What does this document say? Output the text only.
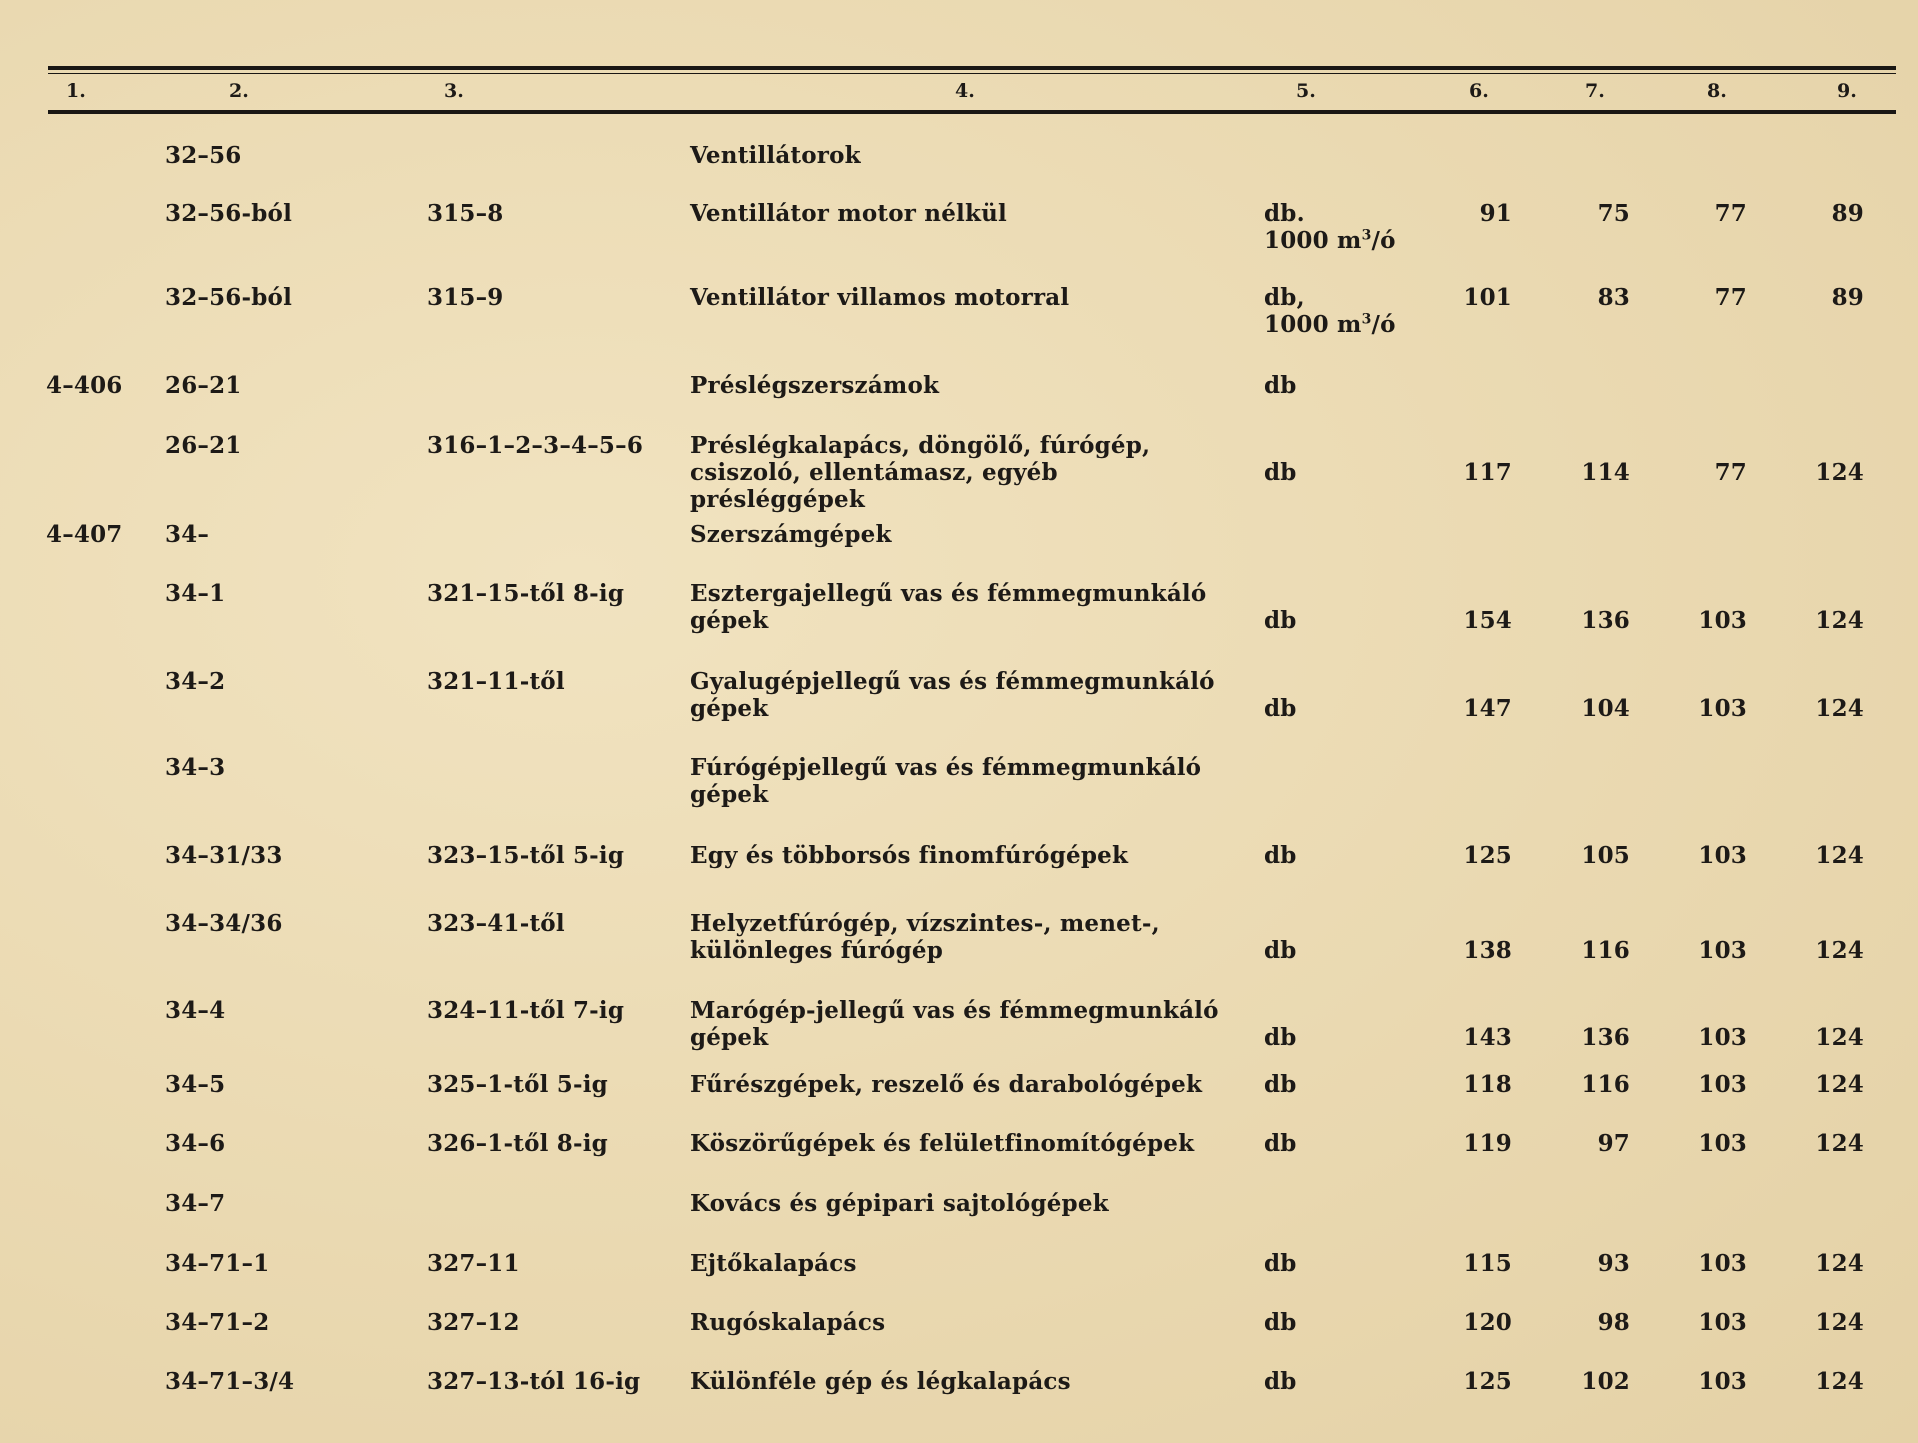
1.	2.	3.	4.	5.	6.	7.	8.	9.
32–56	Ventillátorok
32–56-ból	315–8	Ventillátor motor nélkül	db.
1000 $m^3/ó$
91	75	77	89
32–56-ból	315–9	Ventillátor villamos motorral	db,
1000 $m^3/ó$
101	83	77	89
4–406 26–21	Préslégszerszámok	db
26–21	316–1–2–3–4–5–6 Préslégkalapács, döngölő, fúrógép,
csiszoló, ellentámasz, egyéb présléggépek
db	117	114	77	124
4–407 34–	Szerszámgépek
34–1	321–15-től 8-ig	Esztergajellegű vas és fémmegmunkáló
gépek	db	154	136	103	124
34–2	321–11-től	Gyalugépjellegű vas és fémmegmunkáló
gépek	db	147	104	103	124
34–3	Fúrógépjellegű vas és fémmegmunkáló
gépek
34–31/33	323–15-től 5-ig	Egy és többorsós finomfúrógépek	db	125	105	103	124
34–34/36	323–41-től	Helyzetfúrógép, vízszintes-, menet-,
különleges fúrógép	db	138	116	103	124
34–4	324–11-től 7-ig	Marógép-jellegű vas és fémmegmunkáló
gépek	db	143	136	103	124
34–5	325–1-től 5-ig	Fűrészgépek, reszelő és darabológépek	db	118	116	103	124
34–6	326–1-től 8-ig	Köszörűgépek és felületfinomítógépek	db	119	97	103	124
34–7	Kovács és gépipari sajtológépek
34–71–1	327–11	Ejtőkalapács	db	115	93	103	124
34–71–2	327–12	Rugóskalapács	db	120	98	103	124
34–71–3/4	327–13-tól 16-ig Különféle gép és légkalapács	db	125	102	103	124
